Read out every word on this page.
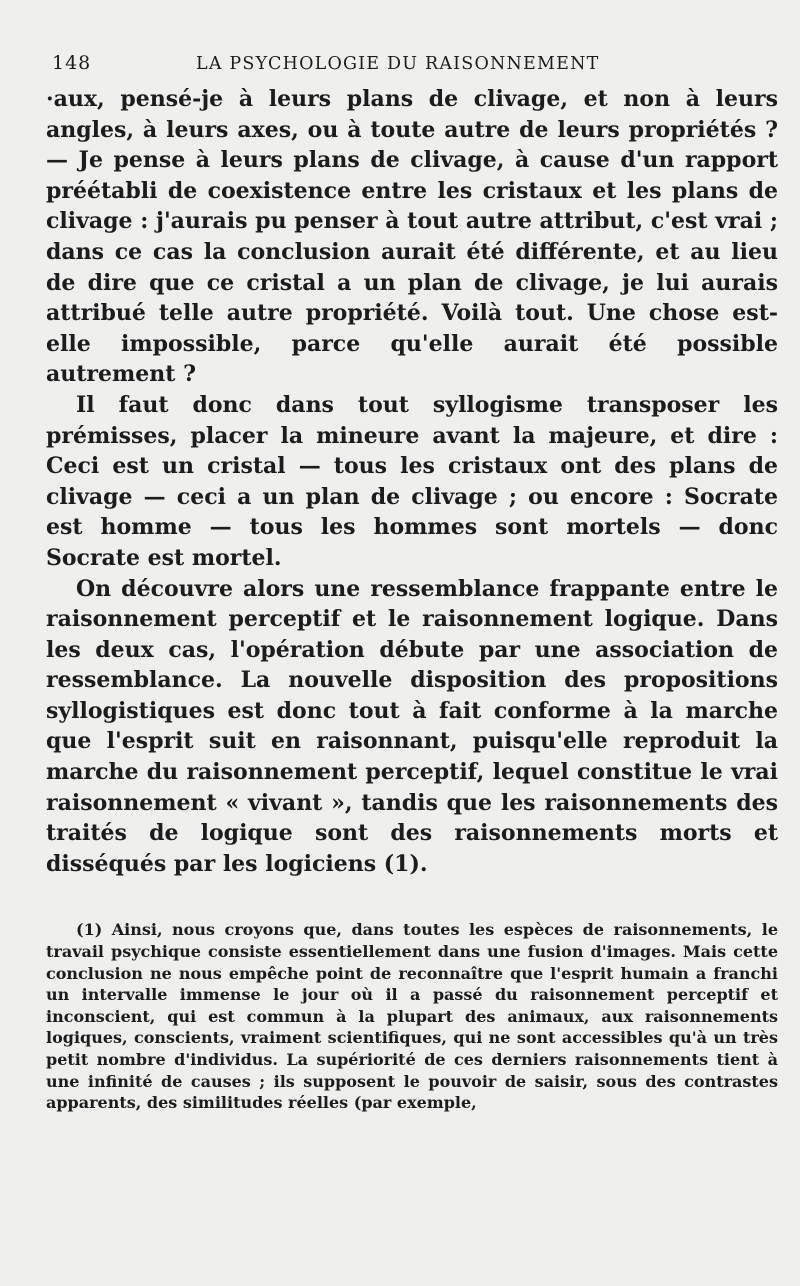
148	LA PSYCHOLOGIE DU RAISONNEMENT

·aux, pensé-je à leurs plans de clivage, et non à leurs angles, à leurs axes, ou à toute autre de leurs propriétés ? — Je pense à leurs plans de clivage, à cause d'un rapport préétabli de coexistence entre les cristaux et les plans de clivage : j'aurais pu penser à tout autre attribut, c'est vrai ; dans ce cas la conclusion aurait été différente, et au lieu de dire que ce cristal a un plan de clivage, je lui aurais attribué telle autre propriété. Voilà tout. Une chose est-elle impossible, parce qu'elle aurait été possible autrement ?

Il faut donc dans tout syllogisme transposer les prémisses, placer la mineure avant la majeure, et dire : Ceci est un cristal — tous les cristaux ont des plans de clivage — ceci a un plan de clivage ; ou encore : Socrate est homme — tous les hommes sont mortels — donc Socrate est mortel.

On découvre alors une ressemblance frappante entre le raisonnement perceptif et le raisonnement logique. Dans les deux cas, l'opération débute par une association de ressemblance. La nouvelle disposition des propositions syllogistiques est donc tout à fait conforme à la marche que l'esprit suit en raisonnant, puisqu'elle reproduit la marche du raisonnement perceptif, lequel constitue le vrai raisonnement « vivant », tandis que les raisonnements des traités de logique sont des raisonnements morts et disséqués par les logiciens (1).

(1) Ainsi, nous croyons que, dans toutes les espèces de raisonnements, le travail psychique consiste essentiellement dans une fusion d'images. Mais cette conclusion ne nous empêche point de reconnaître que l'esprit humain a franchi un intervalle immense le jour où il a passé du raisonnement perceptif et inconscient, qui est commun à la plupart des animaux, aux raisonnements logiques, conscients, vraiment scientifiques, qui ne sont accessibles qu'à un très petit nombre d'individus. La supériorité de ces derniers raisonnements tient à une infinité de causes ; ils supposent le pouvoir de saisir, sous des contrastes apparents, des similitudes réelles (par exemple,
